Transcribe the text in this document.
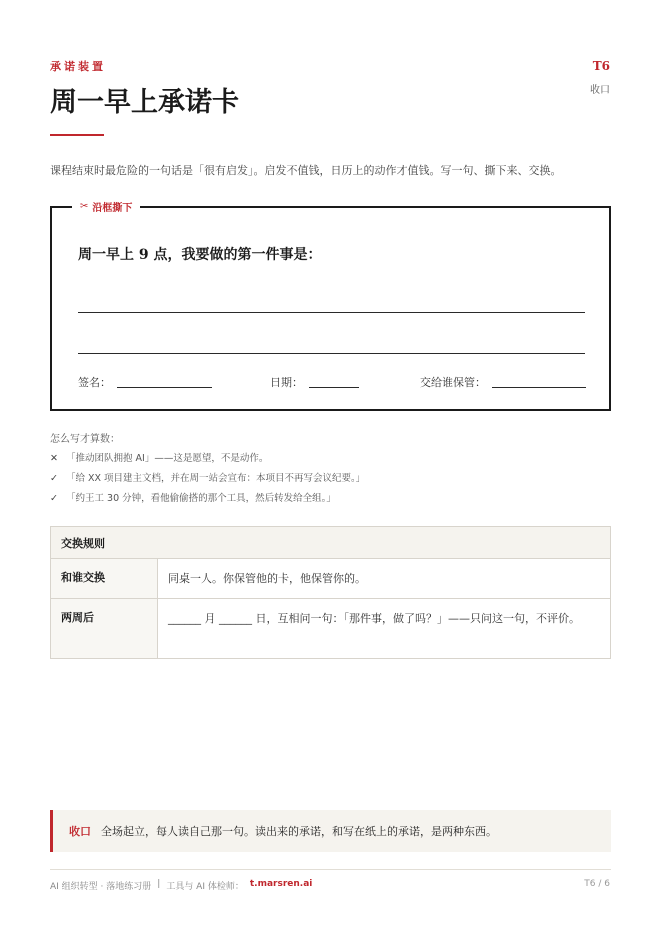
承诺装置
周一早上承诺卡
T6
收口

课程结束时最危险的一句话是「很有启发」。启发不值钱，日历上的动作才值钱。写一句、撕下来、交换。

✂ 沿框撕下
周一早上 9 点，我要做的第一件事是：
签名：	日期：	交给谁保管：
怎么写才算数：
✕ 「推动团队拥抱 AI」——这是愿望，不是动作。
✓ 「给 XX 项目建主文档，并在周一站会宣布：本项目不再写会议纪要。」
✓ 「约王工 30 分钟，看他偷偷搭的那个工具，然后转发给全组。」
交换规则
和谁交换	同桌一人。你保管他的卡，他保管你的。
两周后	______ 月 ______ 日，互相问一句：「那件事，做了吗？」——只问这一句，不评价。
收口 全场起立，每人读自己那一句。读出来的承诺，和写在纸上的承诺，是两种东西。
AI 组织转型 · 落地练习册 | 工具与 AI 体检师： t.marsren.ai	T6 / 6
